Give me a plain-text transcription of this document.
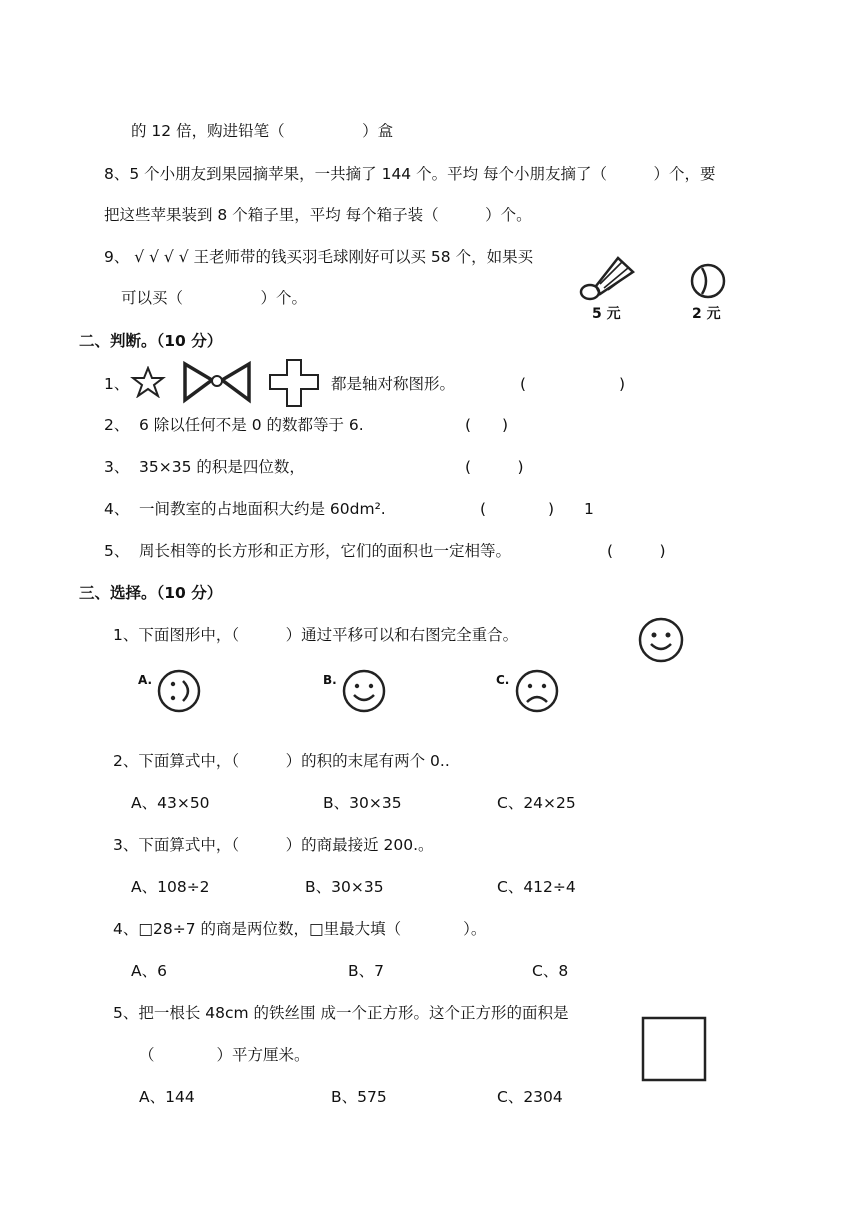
的 12 倍，购进铅笔（　　　　　）盒
8、5 个小朋友到果园摘苹果，一共摘了 144 个。平均 每个小朋友摘了（　　　）个，要
把这些苹果装到 8 个箱子里，平均 每个箱子装（　　　）个。
9、 √ √ √ √ 王老师带的钱买羽毛球刚好可以买 58 个，如果买
可以买（　　　　　）个。
5 元	2 元
二、判断。（10 分）
1、	都是轴对称图形。	(　　　　　　)
2、 6 除以任何不是 0 的数都等于 6.	(　　)
3、 35×35 的积是四位数，	(　　　)
4、 一间教室的占地面积大约是 60dm².	(　　　　) 1
5、 周长相等的长方形和正方形，它们的面积也一定相等。	(　　　)
三、选择。（10 分）
1、下面图形中，（　　　）通过平移可以和右图完全重合。
A.	B.	C.
2、下面算式中，（　　　）的积的末尾有两个 0..
A、43×50	B、30×35	C、24×25
3、下面算式中，（　　　）的商最接近 200.。
A、108÷2	B、30×35	C、412÷4
4、□28÷7 的商是两位数，□里最大填（　　　　）。
A、6	B、7	C、8
5、把一根长 48cm 的铁丝围 成一个正方形。这个正方形的面积是
（　　　　）平方厘米。
A、144	B、575	C、2304
